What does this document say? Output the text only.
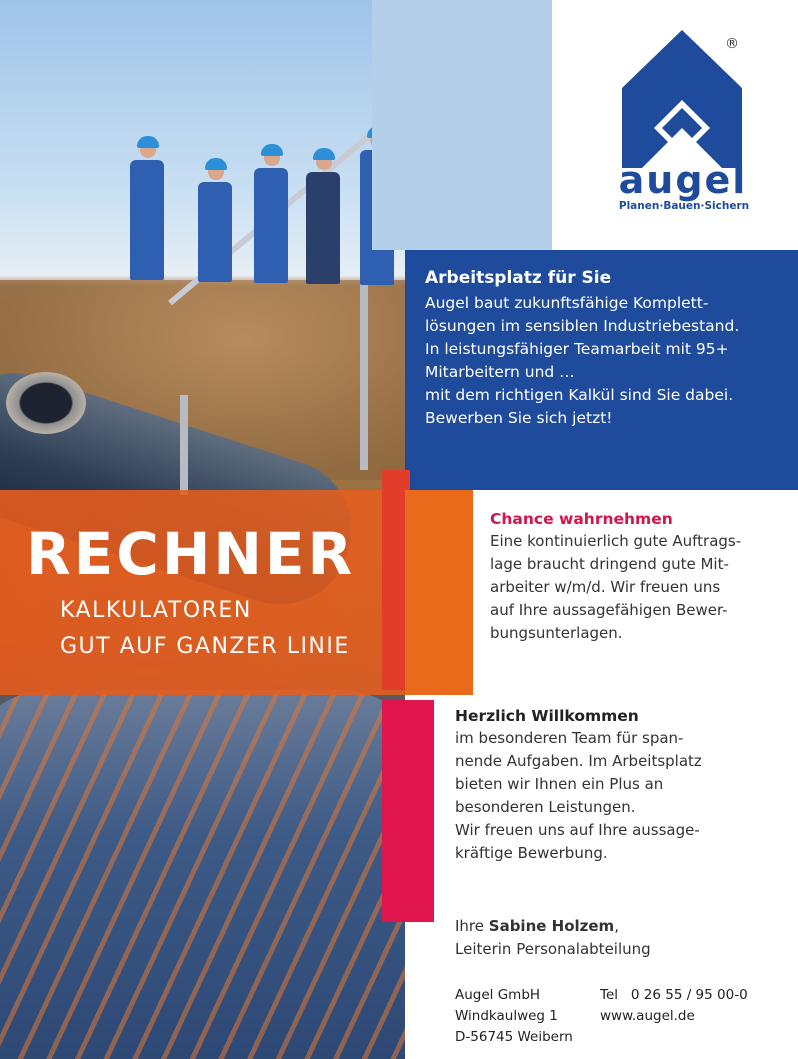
®
augel
Planen·Bauen·Sichern
Arbeitsplatz für Sie

Augel baut zukunftsfähige Komplett-

lösungen im sensiblen Industriebestand.

In leistungsfähiger Teamarbeit mit 95+

Mitarbeitern und …

mit dem richtigen Kalkül sind Sie dabei.

Bewerben Sie sich jetzt!

RECHNER
KALKULATOREN
GUT AUF GANZER LINIE
Chance wahrnehmen

Eine kontinuierlich gute Auftrags-

lage braucht dringend gute Mit-

arbeiter w/m/d. Wir freuen uns

auf Ihre aussagefähigen Bewer-

bungsunterlagen.

Herzlich Willkommen

im besonderen Team für span-

nende Aufgaben. Im Arbeitsplatz

bieten wir Ihnen ein Plus an

besonderen Leistungen.

Wir freuen uns auf Ihre aussage-

kräftige Bewerbung.

Ihre Sabine Holzem,
Leiterin Personalabteilung
Augel GmbH
Windkaulweg 1
D-56745 Weibern
Tel 0 26 55 / 95 00-0
www.augel.de
